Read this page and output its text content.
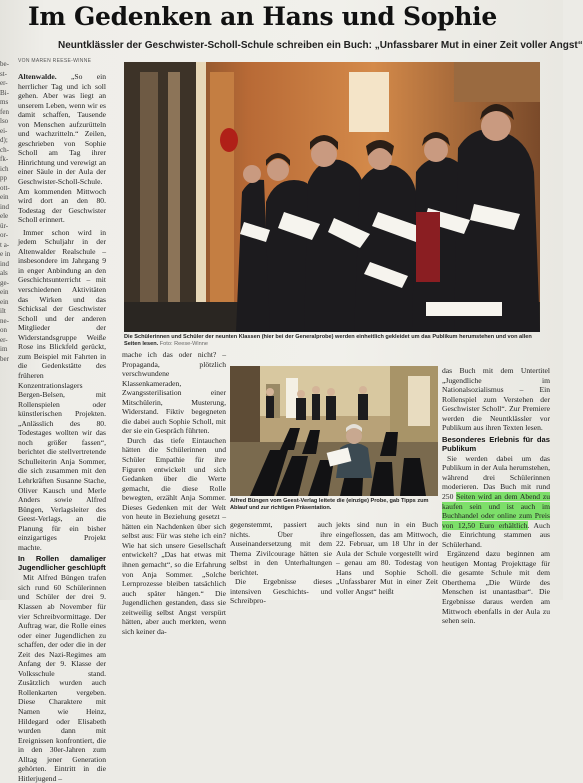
Im Gedenken an Hans und Sophie
Neuntklässler der Geschwister-Scholl-Schule schreiben ein Buch: „Unfassbarer Mut in einer Zeit voller Angst“
VON MAREN REESE-WINNE
be-
st-
er-
Bi-
ms
fen
lso
ei-
d);
ch-
fk-
ich
pp
ott-
ein
ind
ele
ür-
or-
t a-
e in
ind
als
ge-
ein
ein
ilt
ne-
on
er-
im
ber

Altenwalde. „So ein herrlicher Tag und ich soll gehen. Aber was liegt an unserem Leben, wenn wir es damit schaffen, Tausende von Menschen aufzurütteln und wachzritteln.“ Zeilen, geschrieben von Sophie Scholl am Tag ihrer Hinrichtung und verewigt an einer Säule in der Aula der Geschwister-Scholl-Schule. Am kommenden Mittwoch wird dort an den 80. Todestag der Geschwister Scholl erinnert.

Immer schon wird in jedem Schuljahr in der Altenwalder Realschule – insbesondere im Jahrgang 9 in enger Anbindung an den Geschichtsunterricht – mit verschiedenen Aktivitäten das Wirken und das Schicksal der Geschwister Scholl und der anderen Mitglieder der Widerstandsgruppe Weiße Rose ins Blickfeld gerückt, zum Beispiel mit Fahrten in die Gedenkstätte des früheren Konzentrationslagers Bergen-Belsen, mit Rollenspielen oder künstlerischen Projekten. „Anlässlich des 80. Todestages wollten wir das noch größer fassen“, berichtet die stellvertretende Schulleiterin Anja Sommer, die sich zusammen mit den Lehrkräften Susanne Stache, Oliver Kausch und Merle Anders sowie Alfred Büngen, Verlagsleiter des Geest-Verlags, an die Planung für ein bisher einzigartiges Projekt machte.

In Rollen damaliger Jugendlicher geschlüpft

Mit Alfred Büngen trafen sich rund 60 Schülerinnen und Schüler der drei 9. Klassen ab November für vier Schreibvormittage. Der Auftrag war, die Rolle eines oder einer Jugendlichen zu schaffen, der oder die in der Zeit des Nazi-Regimes am Anfang der 9. Klasse der Volksschule stand. Zusätzlich wurden auch Rollenkarten vergeben. Diese Charaktere mit Namen wie Heinz, Hildegard oder Elisabeth wurden dann mit Ereignissen konfrontiert, die in den 30er-Jahren zum Alltag jener Generation gehörten. Eintritt in die Hitlerjugend –

Die Schülerinnen und Schüler der neunten Klassen (hier bei der Generalprobe) werden einheitlich gekleidet um das Publikum herumstehen und von allen Seiten lesen. Foto: Reese-Winne

mache ich das oder nicht? – Propaganda, plötzlich verschwundene Klassenkameraden, Zwangssterilisation einer Mitschülerin, Musterung, Widerstand. Fiktiv begegneten die dabei auch Sophie Scholl, mit der sie ein Gespräch führten.

Durch das tiefe Eintauchen hätten die Schülerinnen und Schüler Empathie für ihre Figuren entwickelt und sich Gedanken über die Werte gemacht, die diese Rolle bewegten, erzählt Anja Sommer. Dieses Gedenken mit der Welt von heute in Beziehung gesetzt – hätten ein Nachdenken über sich selbst aus: Für was stehe ich ein? Wie hat sich unsere Gesellschaft entwickelt? „Das hat etwas mit ihnen gemacht“, so die Erfahrung von Anja Sommer. „Solche Lernprozesse bleiben tatsächlich auch später hängen.“ Die Jugendlichen gestanden, dass sie zeitweilig selbst Angst verspürt hätten, aber auch merkten, wenn sich keiner da-

Alfred Büngen vom Geest-Verlag leitete die (einzige) Probe, gab Tipps zum Ablauf und zur richtigen Präsentation.

gegenstemmt, passiert auch nichts. Über ihre Auseinandersetzung mit dem Thema Zivilcourage hätten sie selbst in den Unterhaltungen berichtet.

Die Ergebnisse dieses intensiven Geschichts- und Schreibpro-

jekts sind nun in ein Buch eingeflossen, das am Mittwoch, 22. Februar, um 18 Uhr in der Aula der Schule vorgestellt wird – genau am 80. Todestag von Hans und Sophie Scholl. „Unfassbarer Mut in einer Zeit voller Angst“ heißt

das Buch mit dem Untertitel „Jugendliche im Nationalsozialismus – Ein Rollenspiel zum Verstehen der Geschwister Scholl“. Zur Premiere werden die Neuntklässler vor Publikum aus ihren Texten lesen.

Besonderes Erlebnis für das Publikum

Sie werden dabei um das Publikum in der Aula herumstehen, während drei Schülerinnen moderieren. Das Buch mit rund 250 Seiten wird an dem Abend zu kaufen sein und ist auch im Buchhandel oder online zum Preis von 12,50 Euro erhältlich. Auch die Einrichtung stammen aus Schülerhand.

Ergänzend dazu beginnen am heutigen Montag Projekttage für die gesamte Schule mit dem Oberthema „Die Würde des Menschen ist unantastbar“. Die Ergebnisse daraus werden am Mittwoch ebenfalls in der Aula zu sehen sein.
